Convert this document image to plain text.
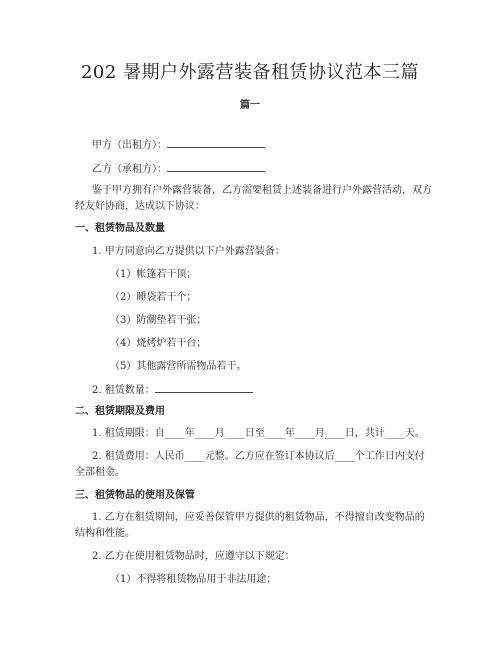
202 暑期户外露营装备租赁协议范本三篇
篇一
甲方（出租方）：
乙方（承租方）：
鉴于甲方拥有户外露营装备，乙方需要租赁上述装备进行户外露营活动，双方
经友好协商，达成以下协议：
一、租赁物品及数量
1. 甲方同意向乙方提供以下户外露营装备：
（1）帐篷若干顶；
（2）睡袋若干个；
（3）防潮垫若干张；
（4）烧烤炉若干台；
（5）其他露营所需物品若干。
2. 租赁数量：
二、租赁期限及费用
1. 租赁期限：自____年____月____日至____年____月____日，共计____天。
2. 租赁费用：人民币____元整。乙方应在签订本协议后____个工作日内支付
全部租金。
三、租赁物品的使用及保管
1. 乙方在租赁期间，应妥善保管甲方提供的租赁物品，不得擅自改变物品的
结构和性能。
2. 乙方在使用租赁物品时，应遵守以下规定：
（1）不得将租赁物品用于非法用途；
